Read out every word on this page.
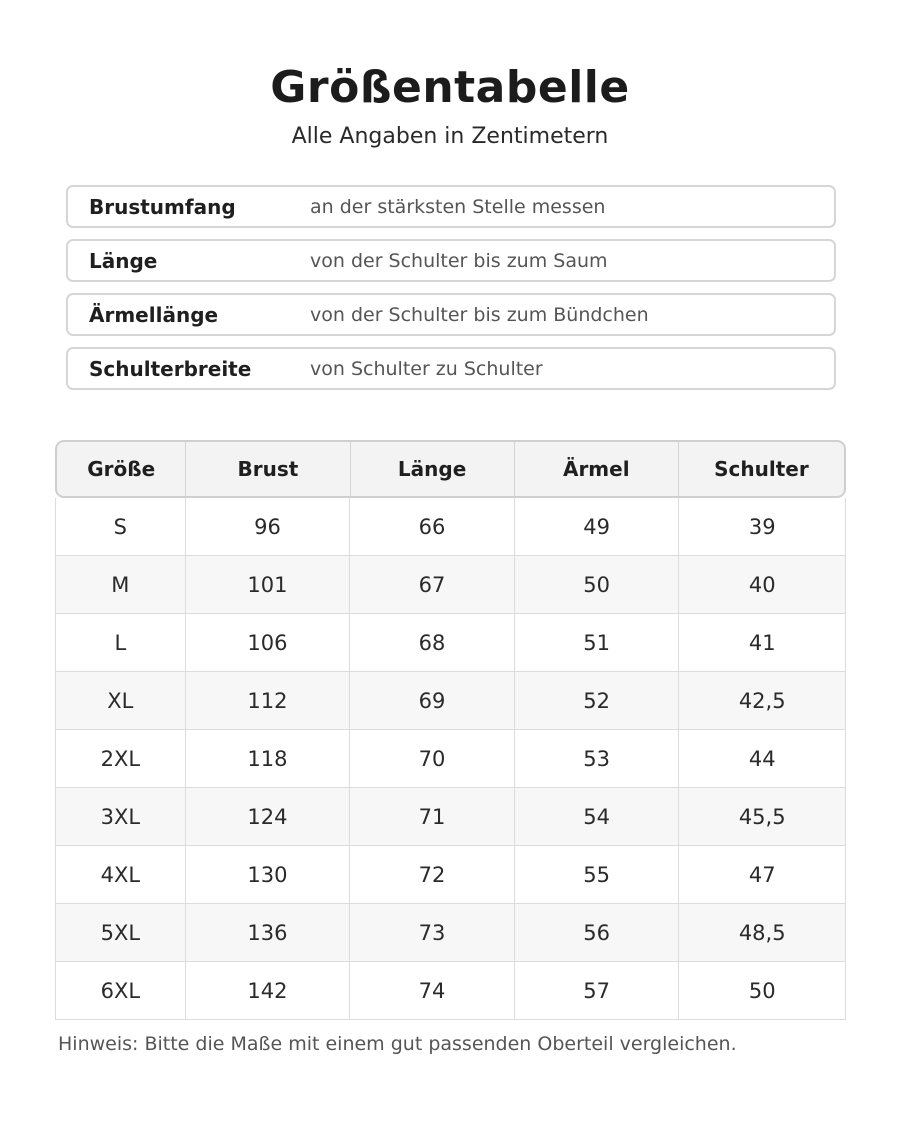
Größentabelle
Alle Angaben in Zentimetern
Brustumfang	an der stärksten Stelle messen
Länge	von der Schulter bis zum Saum
Ärmellänge	von der Schulter bis zum Bündchen
Schulterbreite	von Schulter zu Schulter
Größe	Brust	Länge	Ärmel	Schulter
S	96	66	49	39
M	101	67	50	40
L	106	68	51	41
XL	112	69	52	42,5
2XL	118	70	53	44
3XL	124	71	54	45,5
4XL	130	72	55	47
5XL	136	73	56	48,5
6XL	142	74	57	50
Hinweis: Bitte die Maße mit einem gut passenden Oberteil vergleichen.
